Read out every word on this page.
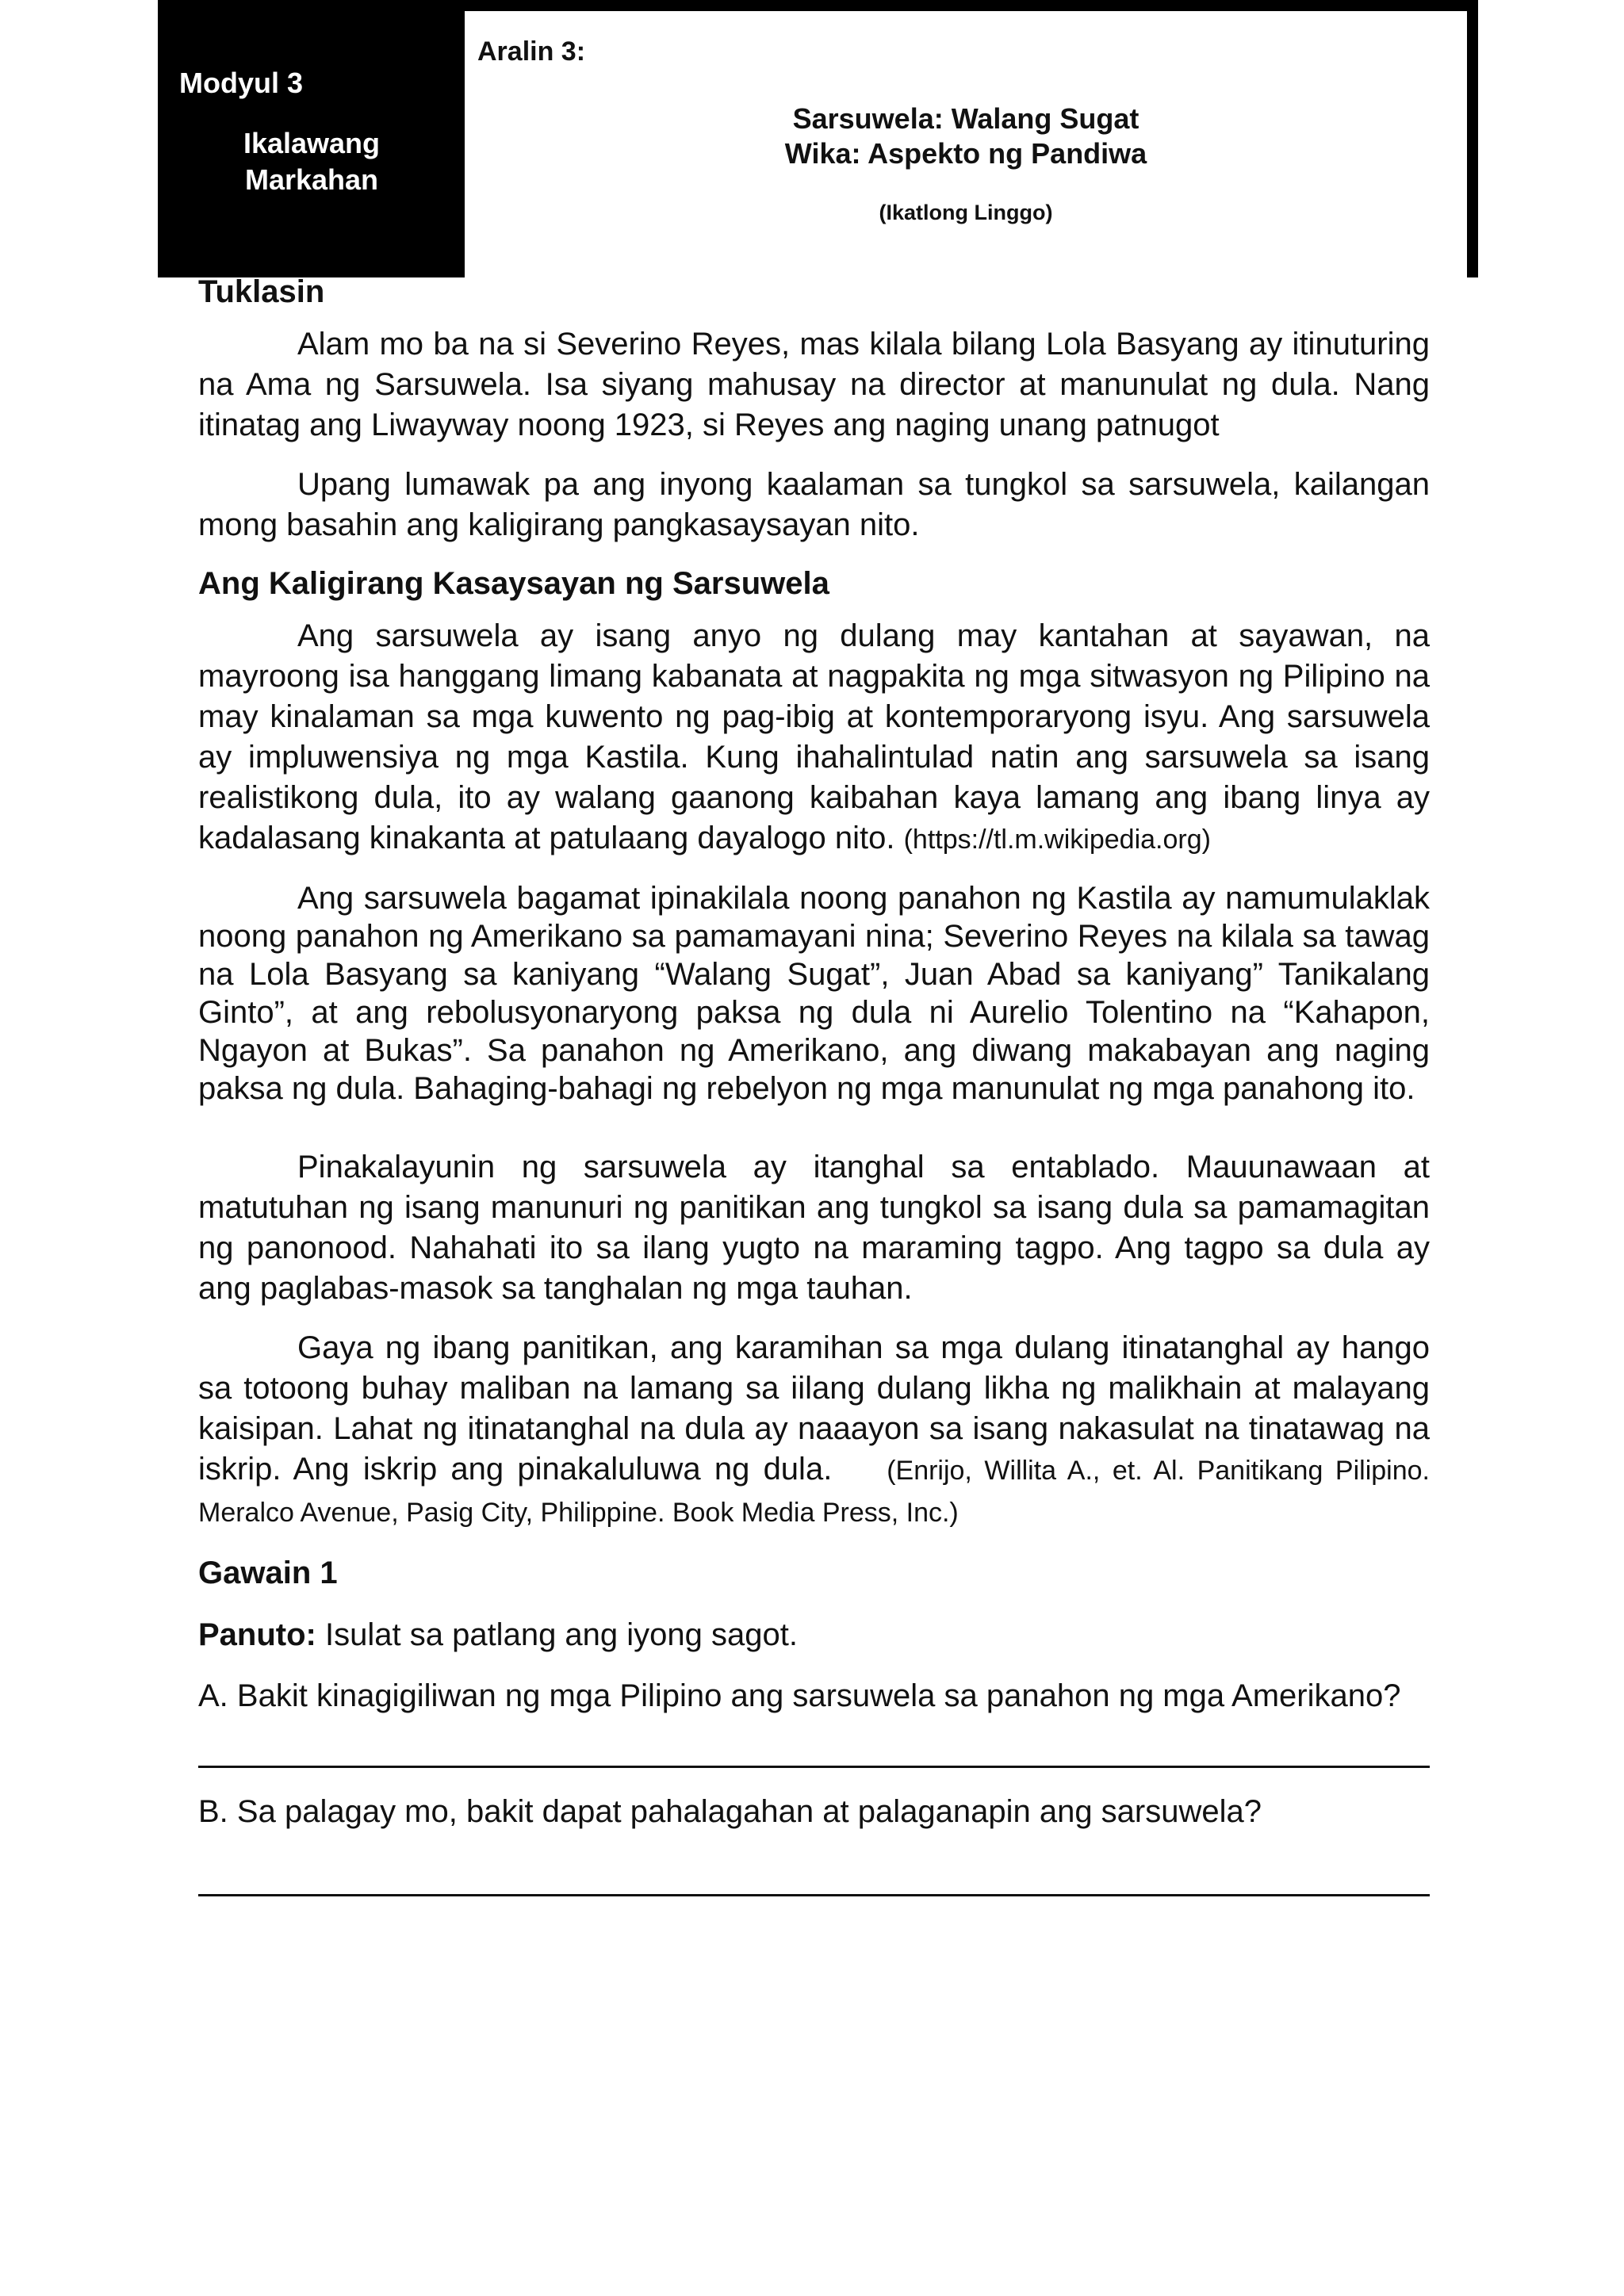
Modyul 3
Ikalawang
Markahan
Aralin 3:
Sarsuwela: Walang Sugat
Wika: Aspekto ng Pandiwa
(Ikatlong Linggo)
Tuklasin

Alam mo ba na si Severino Reyes, mas kilala bilang Lola Basyang ay itinuturing na Ama ng Sarsuwela. Isa siyang mahusay na director at manunulat ng dula. Nang itinatag ang Liwayway noong 1923, si Reyes ang naging unang patnugot

Upang lumawak pa ang inyong kaalaman sa tungkol sa sarsuwela, kailangan mong basahin ang kaligirang pangkasaysayan nito.

Ang Kaligirang Kasaysayan ng Sarsuwela

Ang sarsuwela ay isang anyo ng dulang may kantahan at sayawan, na mayroong isa hanggang limang kabanata at nagpakita ng mga sitwasyon ng Pilipino na may kinalaman sa mga kuwento ng pag-ibig at kontemporaryong isyu. Ang sarsuwela ay impluwensiya ng mga Kastila. Kung ihahalintulad natin ang sarsuwela sa isang realistikong dula, ito ay walang gaanong kaibahan kaya lamang ang ibang linya ay kadalasang kinakanta at patulaang dayalogo nito. (https://tl.m.wikipedia.org)

Ang sarsuwela bagamat ipinakilala noong panahon ng Kastila ay namumulaklak noong panahon ng Amerikano sa pamamayani nina; Severino Reyes na kilala sa tawag na Lola Basyang sa kaniyang “Walang Sugat”, Juan Abad sa kaniyang” Tanikalang Ginto”, at ang rebolusyonaryong paksa ng dula ni Aurelio Tolentino na “Kahapon, Ngayon at Bukas”. Sa panahon ng Amerikano, ang diwang makabayan ang naging paksa ng dula. Bahaging-bahagi ng rebelyon ng mga manunulat ng mga panahong ito.

Pinakalayunin ng sarsuwela ay itanghal sa entablado. Mauunawaan at matutuhan ng isang manunuri ng panitikan ang tungkol sa isang dula sa pamamagitan ng panonood. Nahahati ito sa ilang yugto na maraming tagpo. Ang tagpo sa dula ay ang paglabas-masok sa tanghalan ng mga tauhan.

Gaya ng ibang panitikan, ang karamihan sa mga dulang itinatanghal ay hango sa totoong buhay maliban na lamang sa iilang dulang likha ng malikhain at malayang kaisipan. Lahat ng itinatanghal na dula ay naaayon sa isang nakasulat na tinatawag na iskrip. Ang iskrip ang pinakaluluwa ng dula. (Enrijo, Willita A., et. Al. Panitikang Pilipino. Meralco Avenue, Pasig City, Philippine. Book Media Press, Inc.)

Gawain 1

Panuto: Isulat sa patlang ang iyong sagot.

A. Bakit kinagigiliwan ng mga Pilipino ang sarsuwela sa panahon ng mga Amerikano?

B. Sa palagay mo, bakit dapat pahalagahan at palaganapin ang sarsuwela?
